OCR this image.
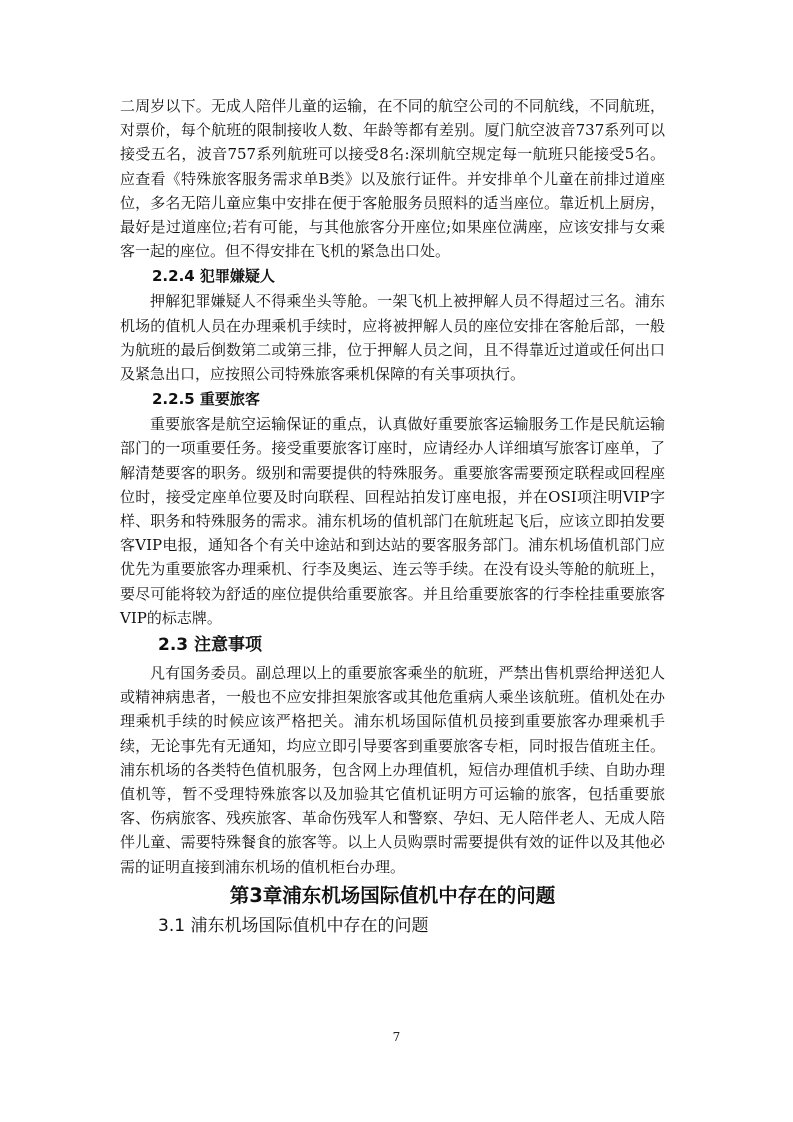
二周岁以下。无成人陪伴儿童的运输，在不同的航空公司的不同航线，不同航班，对票价，每个航班的限制接收人数、年龄等都有差别。厦门航空波音737系列可以接受五名，波音757系列航班可以接受8名:深圳航空规定每一航班只能接受5名。应查看《特殊旅客服务需求单B类》以及旅行证件。并安排单个儿童在前排过道座位，多名无陪儿童应集中安排在便于客舱服务员照料的适当座位。靠近机上厨房，最好是过道座位;若有可能，与其他旅客分开座位;如果座位满座，应该安排与女乘客一起的座位。但不得安排在飞机的紧急出口处。

2.2.4 犯罪嫌疑人

押解犯罪嫌疑人不得乘坐头等舱。一架飞机上被押解人员不得超过三名。浦东机场的值机人员在办理乘机手续时，应将被押解人员的座位安排在客舱后部，一般为航班的最后倒数第二或第三排，位于押解人员之间，且不得靠近过道或任何出口及紧急出口，应按照公司特殊旅客乘机保障的有关事项执行。

2.2.5 重要旅客

重要旅客是航空运输保证的重点，认真做好重要旅客运输服务工作是民航运输部门的一项重要任务。接受重要旅客订座时，应请经办人详细填写旅客订座单，了解清楚要客的职务。级别和需要提供的特殊服务。重要旅客需要预定联程或回程座位时，接受定座单位要及时向联程、回程站拍发订座电报，并在OSI项注明VIP字样、职务和特殊服务的需求。浦东机场的值机部门在航班起飞后，应该立即拍发要客VIP电报，通知各个有关中途站和到达站的要客服务部门。浦东机场值机部门应优先为重要旅客办理乘机、行李及奥运、连云等手续。在没有设头等舱的航班上，要尽可能将较为舒适的座位提供给重要旅客。并且给重要旅客的行李栓挂重要旅客VIP的标志牌。

2.3 注意事项

凡有国务委员。副总理以上的重要旅客乘坐的航班，严禁出售机票给押送犯人或精神病患者，一般也不应安排担架旅客或其他危重病人乘坐该航班。值机处在办理乘机手续的时候应该严格把关。浦东机场国际值机员接到重要旅客办理乘机手续，无论事先有无通知，均应立即引导要客到重要旅客专柜，同时报告值班主任。浦东机场的各类特色值机服务，包含网上办理值机，短信办理值机手续、自助办理值机等，暂不受理特殊旅客以及加验其它值机证明方可运输的旅客，包括重要旅客、伤病旅客、残疾旅客、革命伤残军人和警察、孕妇、无人陪伴老人、无成人陪伴儿童、需要特殊餐食的旅客等。以上人员购票时需要提供有效的证件以及其他必需的证明直接到浦东机场的值机柜台办理。

第3章浦东机场国际值机中存在的问题
3.1 浦东机场国际值机中存在的问题
7
